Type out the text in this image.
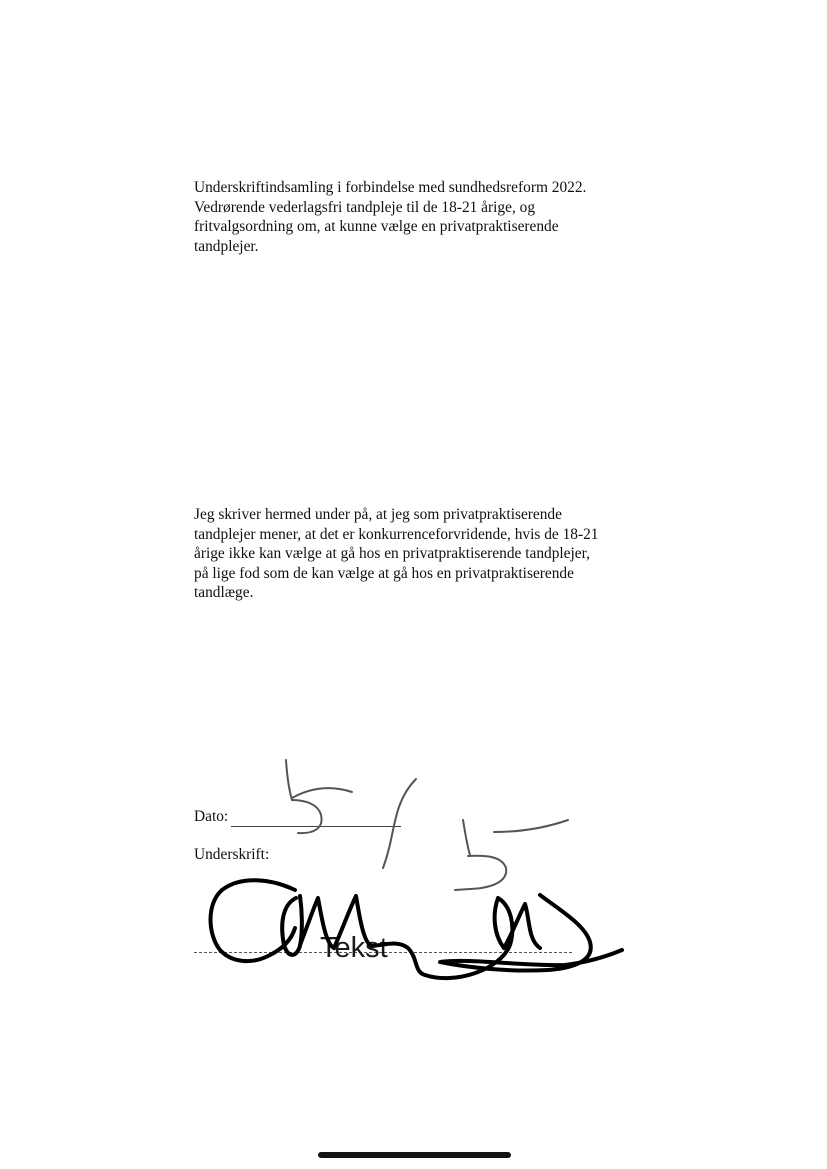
Underskriftindsamling i forbindelse med sundhedsreform 2022.
Vedrørende vederlagsfri tandpleje til de 18-21 årige, og
fritvalgsordning om, at kunne vælge en privatpraktiserende
tandplejer.
Jeg skriver hermed under på, at jeg som privatpraktiserende
tandplejer mener, at det er konkurrenceforvridende, hvis de 18-21
årige ikke kan vælge at gå hos en privatpraktiserende tandplejer,
på lige fod som de kan vælge at gå hos en privatpraktiserende
tandlæge.
Dato:
Underskrift:
Tekst
